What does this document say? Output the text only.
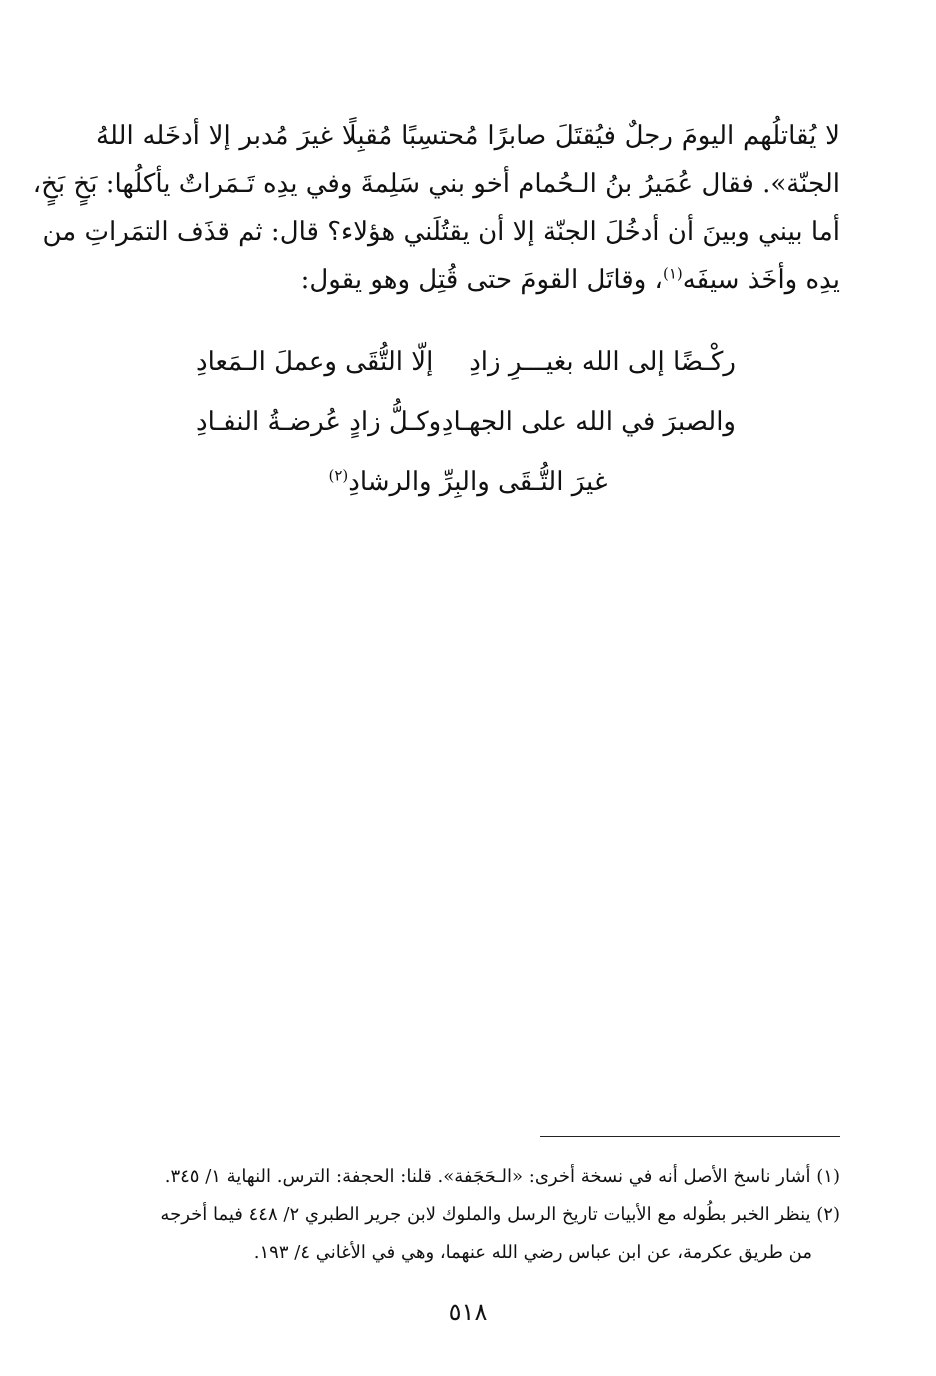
لا يُقاتلُهم اليومَ رجلٌ فيُقتَلَ صابرًا مُحتسِبًا مُقبِلًا غيرَ مُدبر إلا أدخَله اللهُ
الجنّة». فقال عُمَيرُ بنُ الـحُمام أخو بني سَلِمةَ وفي يدِه تَـمَراتٌ يأكلُها: بَخٍ بَخٍ،
أما بيني وبينَ أن أدخُلَ الجنّة إلا أن يقتُلَني هؤلاء؟ قال: ثم قذَف التمَراتِ من
يدِه وأخَذ سيفَه$^{(١)}$، وقاتَل القومَ حتى قُتِل وهو يقول:
ركْـضًا إلى الله بغيـــرِ زادِ
إلّا التُّقَى وعملَ الـمَعادِ
والصبرَ في الله على الجهـادِ
وكـلُّ زادٍ عُرضـةُ النفـادِ
غيرَ التُّـقَى والبِرِّ والرشادِ$^{(٢)}$
(١) أشار ناسخ الأصل أنه في نسخة أخرى: «الـحَجَفة». قلنا: الحجفة: الترس. النهاية ١/ ٣٤٥.
(٢) ينظر الخبر بطُوله مع الأبيات تاريخ الرسل والملوك لابن جرير الطبري ٢/ ٤٤٨ فيما أخرجه
من طريق عكرمة، عن ابن عباس رضي الله عنهما، وهي في الأغاني ٤/ ١٩٣.
٥١٨
